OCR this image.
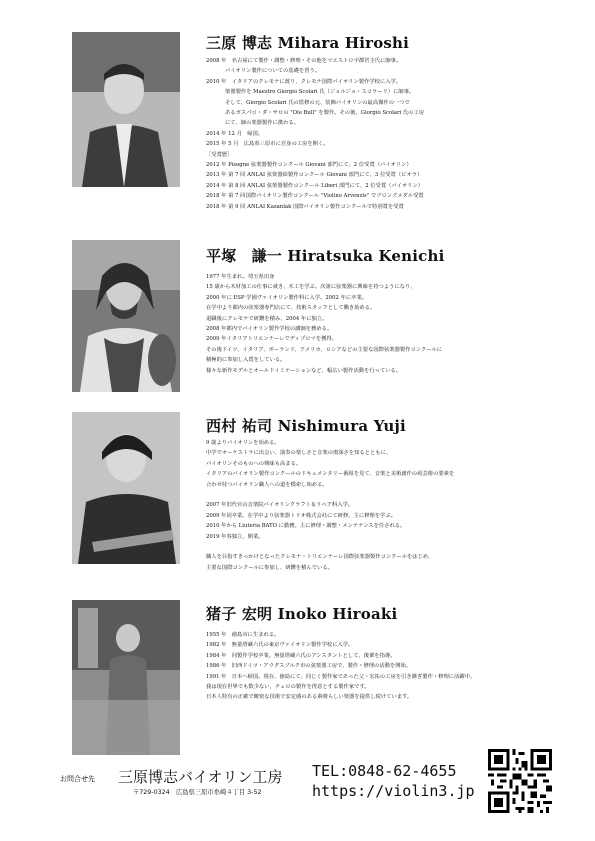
三原 博志 Mihara Hiroshi

2008 年　名古屋にて製作・調整・修理・その他をマエストロ宇都宮圭氏に師事。

バイオリン製作についての基礎を習う。

2010 年　イタリアのクレモナに渡り、クレモナ国際バイオリン製作学校に入学。

楽器製作を Maestro Giorgio Scolari 氏（ジョルジョ・スコラーリ）に師事。

そして、Giorgio Scolari 氏の監修の元、装飾バイオリンの最高傑作の一つで

あるガスパロ・ダ・サロの "Ole Bull" を製作。その後、Giorgio Scolari 氏の工房

にて、師の楽器製作に携わる。

2014 年 12 月　帰国。

2015 年 5 月　広島県三原市に自身の工房を開く。

［受賞歴］

2012 年 Pisogne 弦楽器製作コンクール Giovani 部門にて、2 位受賞（バイオリン）

2013 年 第 7 回 ANLAI 弦楽器絵製作コンクール Giovani 部門にて、3 位受賞（ビオラ）

2014 年 第 8 回 ANLAI 弦楽器製作コンクール Liberi 部門にて、2 位受賞（バイオリン）

2018 年 第 7 回国際バイオリン製作コンクール "Violino Arvenzis" でブロンズメダル受賞

2018 年 第 9 回 ANLAI Kazanlak 国際バイオリン製作コンクールで特別賞を受賞

平塚　謙一 Hiratsuka Kenichi

1977 年生まれ。埼玉県出身

15 歳から木材加工の仕事に就き、木工を学ぶ。次第に弦楽器に興味を持つようになり、

2000 年に ESP 学園ヴァイオリン製作科に入学。2002 年に卒業。

在学中より都内の弦楽器専門店にて、技術スタッフとして働き始める。

退職後にクレモナで研鑽を積み、2004 年に独立。

2008 年都内でバイオリン製作学校の講師を務める。

2009 年イタリアトリエンナーレでディプロマを獲得。

その後ドイツ、イタリア、ポーランド、アメリカ、ロシアなどの主要な国際弦楽器製作コンクールに

積極的に参加し入賞をしている。

様々な新作モデルとオールドイミテーションなど、幅広い製作活動を行っている。

西村 祐司 Nishimura Yuji

9 歳よりバイオリンを始める。

中学でオーケストラに出会い、演奏の楽しさと音楽の奥深さを知るとともに、

バイオリンそのものへの興味も高まる。

イタリアのバイオリン製作コンクールのドキュメンタリー番組を見て、音楽と美術創作の両芸術の要素を

合わせ持つバイオリン職人への道を模索し始める。

2007 年旧代官山音楽院バイオリンクラフト＆リペア科入学。

2009 年同卒業。在学中より弦楽器トリオ株式会社にて研修、主に修理を学ぶ。

2010 年から Liuteria BATO に勤務。主に修理・調整・メンテナンスを任される。

2019 年春独立、開業。

職人を目指すきっかけとなったクレモナ・トリエンナーレ国際弦楽器製作コンクールをはじめ、

主要な国際コンクールに参加し、研鑽を積んでいる。

猪子 宏明 Inoko Hiroaki

1955 年　徳島市に生まれる。

1982 年　無量塔蔵六氏の東京ヴァイオリン製作学校に入学。

1984 年　同製作学校卒業。無量塔蔵六氏のアシスタントとして、後輩を指導。

1986 年　旧西ドイツ・アウグスブルク市の弦楽器工房で、製作・修理の活動を開始。

1991 年　日本へ帰国。現在、徳島にて、同じく製作家であった父・宏祐の工房を引き継ぎ製作・修理に活躍中。

我は現在世界でも数少ない、チェロの製作を得意とする製作家です。

日本人特有の正確で緻密な技術で安定感のある素晴らしい楽器を提供し続けています。

お問合せ先 三原博志バイオリン工房
〒729-0324　広島県三原市糸崎４丁目 3-52
TEL:0848-62-4655
https://violin3.jp
